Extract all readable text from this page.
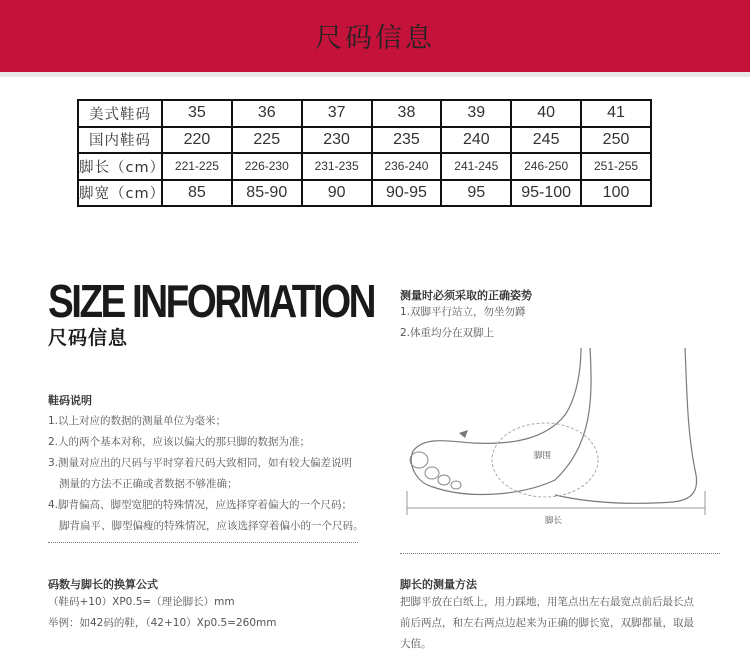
尺码信息
美式鞋码	35	36	37	38	39	40	41
国内鞋码	220	225	230	235	240	245	250
脚长（cm）	221-225	226-230	231-235	236-240	241-245	246-250	251-255
脚宽（cm）	85	85-90	90	90-95	95	95-100	100
SIZE INFORMATION
尺码信息
鞋码说明

1.以上对应的数据的测量单位为毫米；

2.人的两个基本对称，应该以偏大的那只脚的数据为准；

3.测量对应出的尺码与平时穿着尺码大致相同，如有较大偏差说明

测量的方法不正确或者数据不够准确；

4.脚背偏高、脚型宽肥的特殊情况，应选择穿着偏大的一个尺码；

脚背扁平、脚型偏瘦的特殊情况，应该选择穿着偏小的一个尺码。

测量时必须采取的正确姿势

1.双脚平行站立，勿坐勿蹲

2.体重均分在双脚上

脚围
脚长
码数与脚长的换算公式

（鞋码+10）XP0.5=（理论脚长）mm

举例：如42码的鞋，（42+10）Xp0.5=260mm

脚长的测量方法

把脚平放在白纸上，用力踩地，用笔点出左右最宽点前后最长点

前后两点，和左右两点边起来为正确的脚长宽，双脚都量，取最

大值。
